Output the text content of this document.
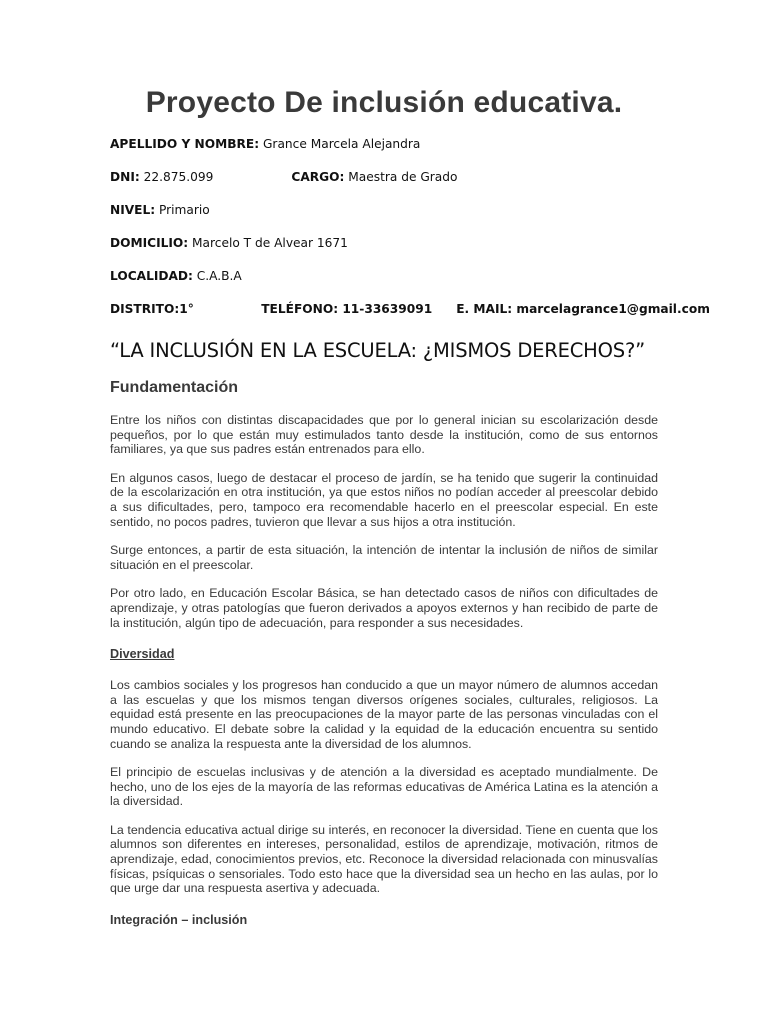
Proyecto De inclusión educativa.
APELLIDO Y NOMBRE: Grance Marcela Alejandra
DNI: 22.875.099	CARGO: Maestra de Grado
NIVEL: Primario
DOMICILIO: Marcelo T de Alvear 1671
LOCALIDAD: C.A.B.A
DISTRITO:1°	TELÉFONO: 11-33639091 E. MAIL: marcelagrance1@gmail.com
“LA INCLUSIÓN EN LA ESCUELA: ¿MISMOS DERECHOS?”
Fundamentación

Entre los niños con distintas discapacidades que por lo general inician su escolarización desde pequeños, por lo que están muy estimulados tanto desde la institución, como de sus entornos familiares, ya que sus padres están entrenados para ello.

En algunos casos, luego de destacar el proceso de jardín, se ha tenido que sugerir la continuidad de la escolarización en otra institución, ya que estos niños no podían acceder al preescolar debido a sus dificultades, pero, tampoco era recomendable hacerlo en el preescolar especial. En este sentido, no pocos padres, tuvieron que llevar a sus hijos a otra institución.

Surge entonces, a partir de esta situación, la intención de intentar la inclusión de niños de similar situación en el preescolar.

Por otro lado, en Educación Escolar Básica, se han detectado casos de niños con dificultades de aprendizaje, y otras patologías que fueron derivados a apoyos externos y han recibido de parte de la institución, algún tipo de adecuación, para responder a sus necesidades.

Diversidad

Los cambios sociales y los progresos han conducido a que un mayor número de alumnos accedan a las escuelas y que los mismos tengan diversos orígenes sociales, culturales, religiosos. La equidad está presente en las preocupaciones de la mayor parte de las personas vinculadas con el mundo educativo. El debate sobre la calidad y la equidad de la educación encuentra su sentido cuando se analiza la respuesta ante la diversidad de los alumnos.

El principio de escuelas inclusivas y de atención a la diversidad es aceptado mundialmente. De hecho, uno de los ejes de la mayoría de las reformas educativas de América Latina es la atención a la diversidad.

La tendencia educativa actual dirige su interés, en reconocer la diversidad. Tiene en cuenta que los alumnos son diferentes en intereses, personalidad, estilos de aprendizaje, motivación, ritmos de aprendizaje, edad, conocimientos previos, etc. Reconoce la diversidad relacionada con minusvalías físicas, psíquicas o sensoriales. Todo esto hace que la diversidad sea un hecho en las aulas, por lo que urge dar una respuesta asertiva y adecuada.

Integración – inclusión
